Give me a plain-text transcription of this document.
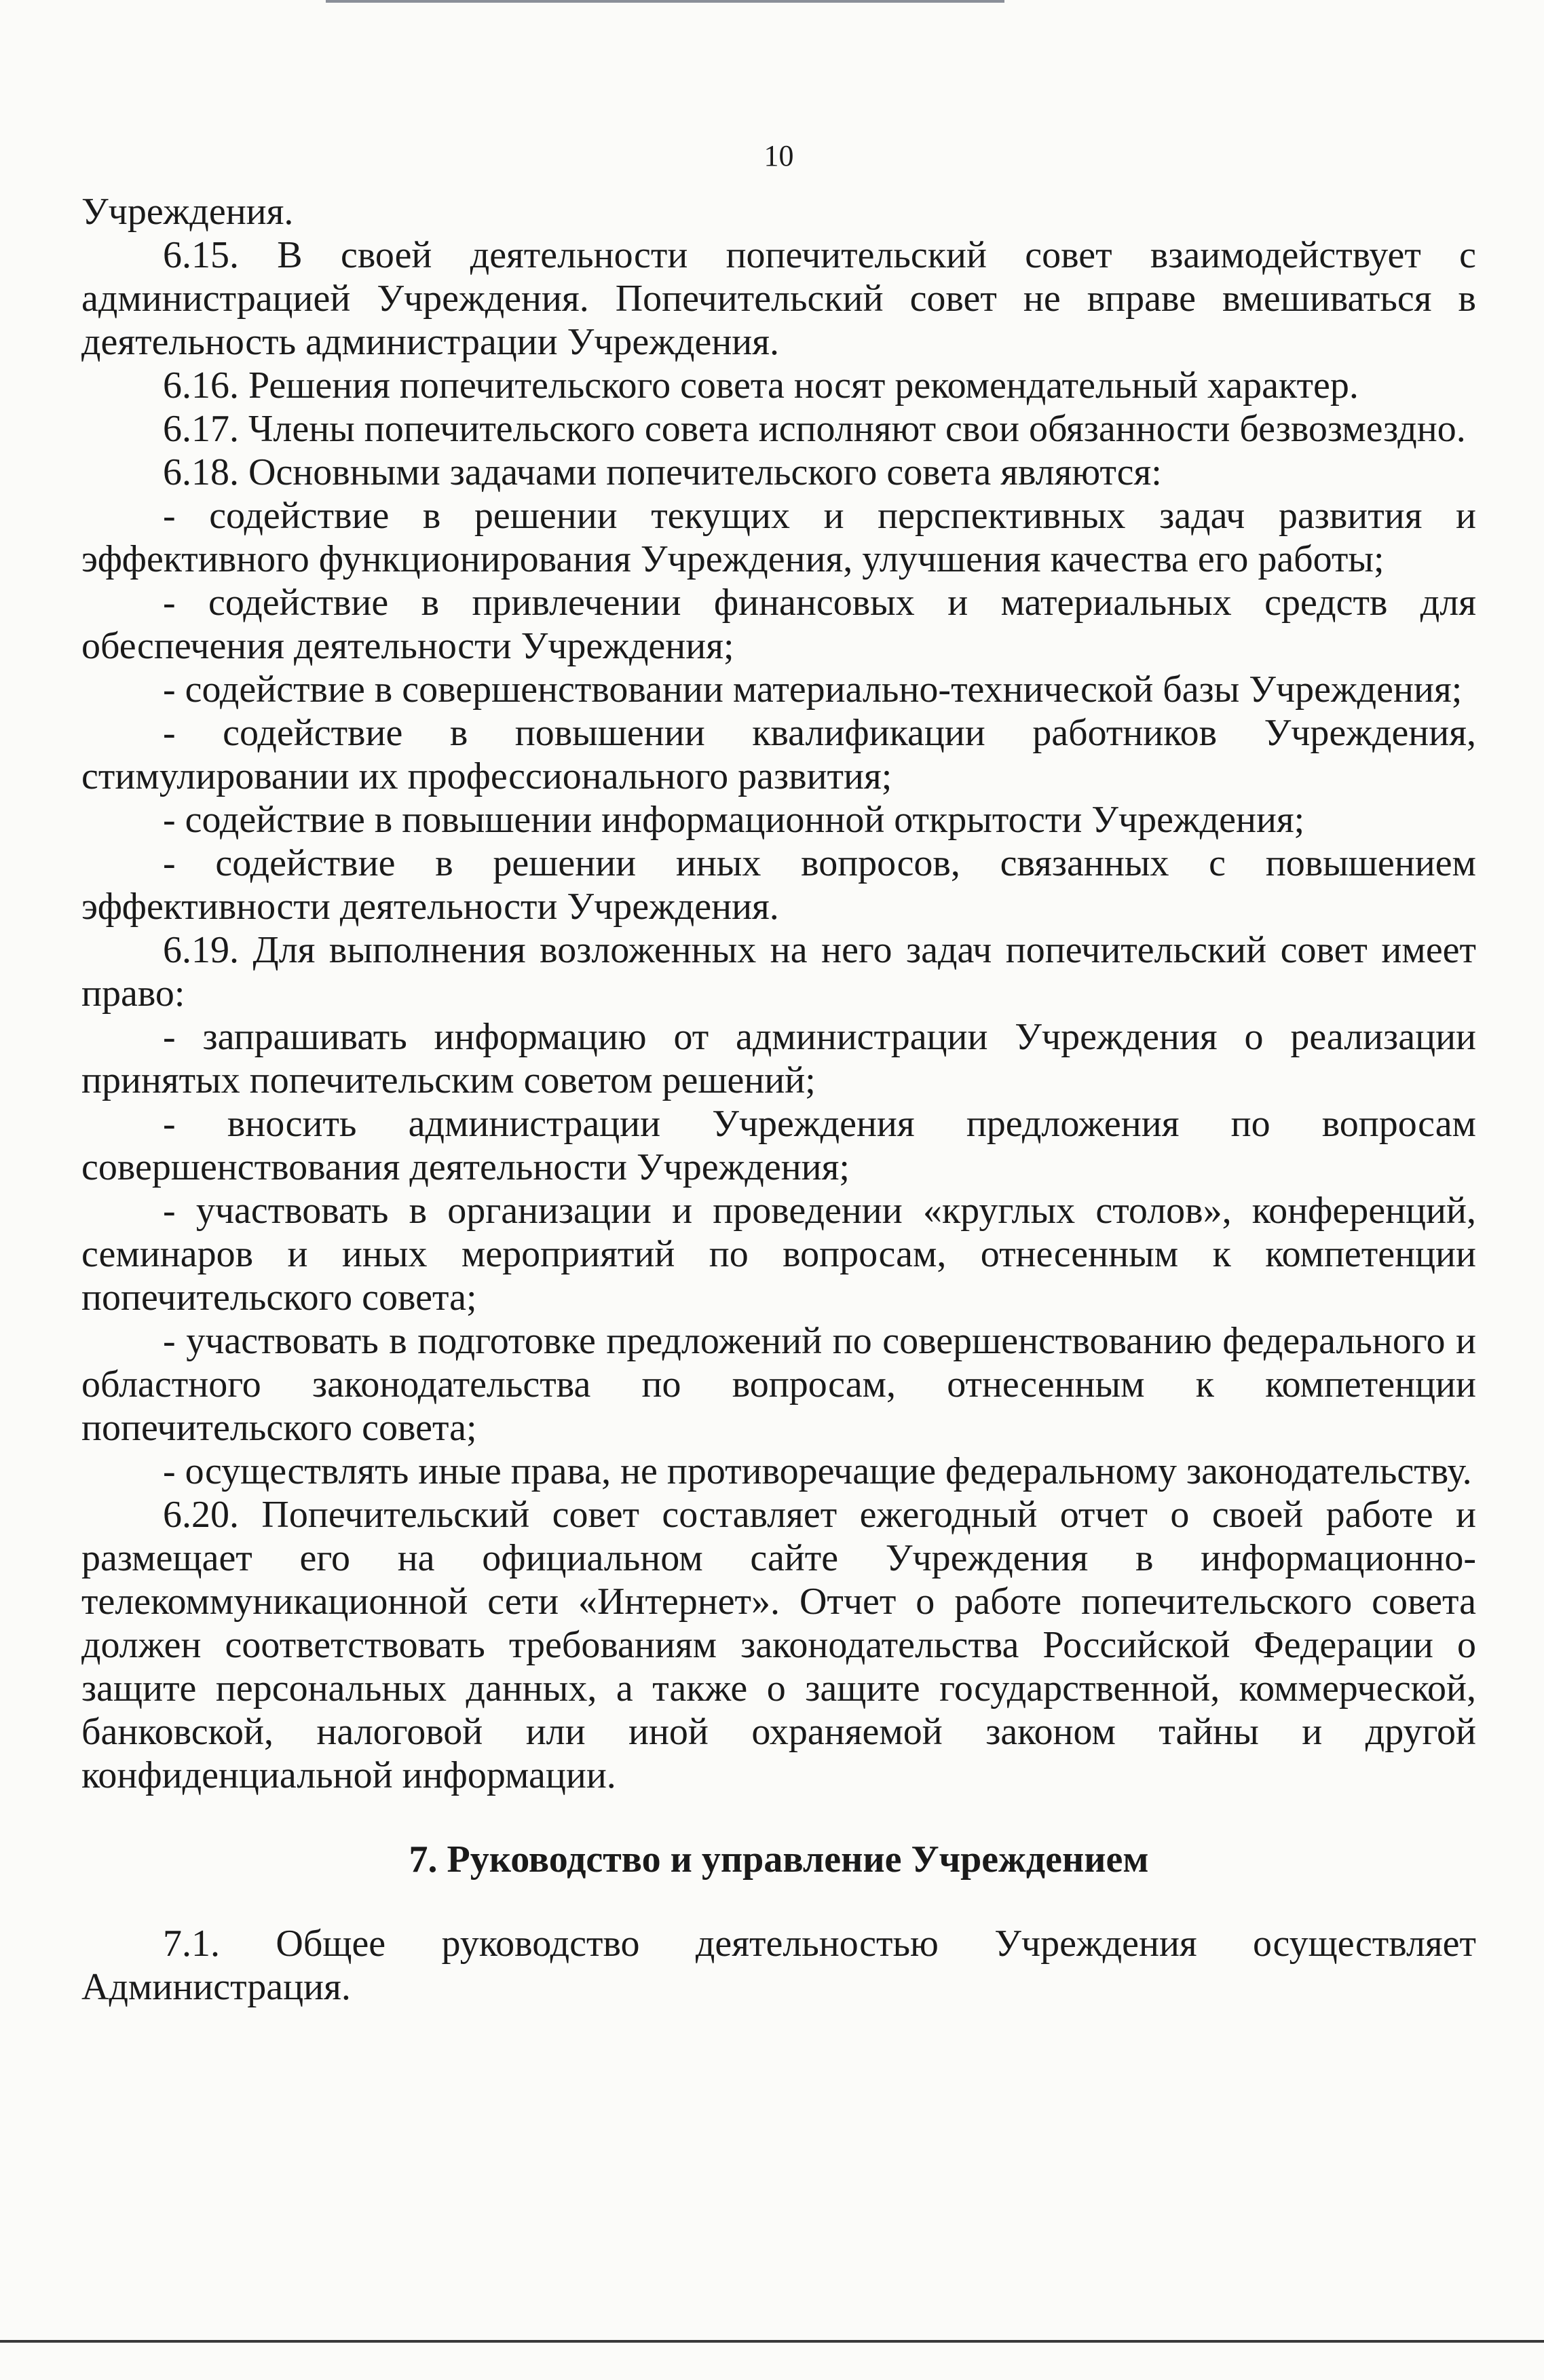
10

Учреждения.

6.15. В своей деятельности попечительский совет взаимодействует с администрацией Учреждения. Попечительский совет не вправе вмешиваться в деятельность администрации Учреждения.

6.16. Решения попечительского совета носят рекомендательный характер.

6.17. Члены попечительского совета исполняют свои обязанности безвозмездно.

6.18. Основными задачами попечительского совета являются:

- содействие в решении текущих и перспективных задач развития и эффективного функционирования Учреждения, улучшения качества его работы;

- содействие в привлечении финансовых и материальных средств для обеспечения деятельности Учреждения;

- содействие в совершенствовании материально-технической базы Учреждения;

- содействие в повышении квалификации работников Учреждения, стимулировании их профессионального развития;

- содействие в повышении информационной открытости Учреждения;

- содействие в решении иных вопросов, связанных с повышением эффективности деятельности Учреждения.

6.19. Для выполнения возложенных на него задач попечительский совет имеет право:

- запрашивать информацию от администрации Учреждения о реализации принятых попечительским советом решений;

- вносить администрации Учреждения предложения по вопросам совершенствования деятельности Учреждения;

- участвовать в организации и проведении «круглых столов», конференций, семинаров и иных мероприятий по вопросам, отнесенным к компетенции попечительского совета;

- участвовать в подготовке предложений по совершенствованию федерального и областного законодательства по вопросам, отнесенным к компетенции попечительского совета;

- осуществлять иные права, не противоречащие федеральному законодательству.

6.20. Попечительский совет составляет ежегодный отчет о своей работе и размещает его на официальном сайте Учреждения в информационно-телекоммуникационной сети «Интернет». Отчет о работе попечительского совета должен соответствовать требованиям законодательства Российской Федерации о защите персональных данных, а также о защите государственной, коммерческой, банковской, налоговой или иной охраняемой законом тайны и другой конфиденциальной информации.

7. Руководство и управление Учреждением

7.1. Общее руководство деятельностью Учреждения осуществляет Администрация.
